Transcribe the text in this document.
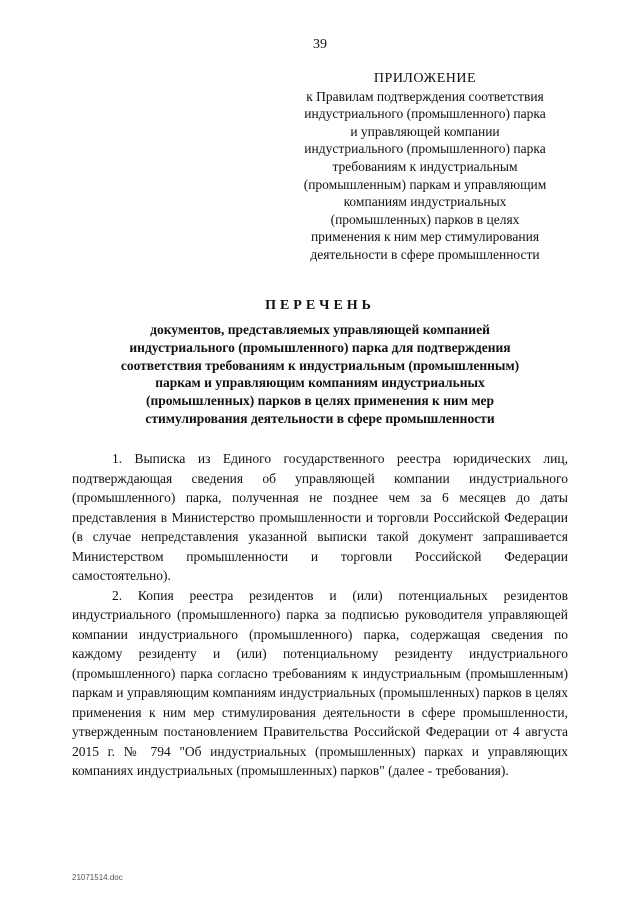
39
ПРИЛОЖЕНИЕ
к Правилам подтверждения соответствия
индустриального (промышленного) парка
и управляющей компании
индустриального (промышленного) парка
требованиям к индустриальным
(промышленным) паркам и управляющим
компаниям индустриальных
(промышленных) парков в целях
применения к ним мер стимулирования
деятельности в сфере промышленности
ПЕРЕЧЕНЬ
документов, представляемых управляющей компанией
индустриального (промышленного) парка для подтверждения
соответствия требованиям к индустриальным (промышленным)
паркам и управляющим компаниям индустриальных
(промышленных) парков в целях применения к ним мер
стимулирования деятельности в сфере промышленности

1. Выписка из Единого государственного реестра юридических лиц, подтверждающая сведения об управляющей компании индустриального (промышленного) парка, полученная не позднее чем за 6 месяцев до даты представления в Министерство промышленности и торговли Российской Федерации (в случае непредставления указанной выписки такой документ запрашивается Министерством промышленности и торговли Российской Федерации самостоятельно).

2. Копия реестра резидентов и (или) потенциальных резидентов индустриального (промышленного) парка за подписью руководителя управляющей компании индустриального (промышленного) парка, содержащая сведения по каждому резиденту и (или) потенциальному резиденту индустриального (промышленного) парка согласно требованиям к индустриальным (промышленным) паркам и управляющим компаниям индустриальных (промышленных) парков в целях применения к ним мер стимулирования деятельности в сфере промышленности, утвержденным постановлением Правительства Российской Федерации от 4 августа 2015 г. № 794 "Об индустриальных (промышленных) парках и управляющих компаниях индустриальных (промышленных) парков" (далее - требования).

21071514.doc
